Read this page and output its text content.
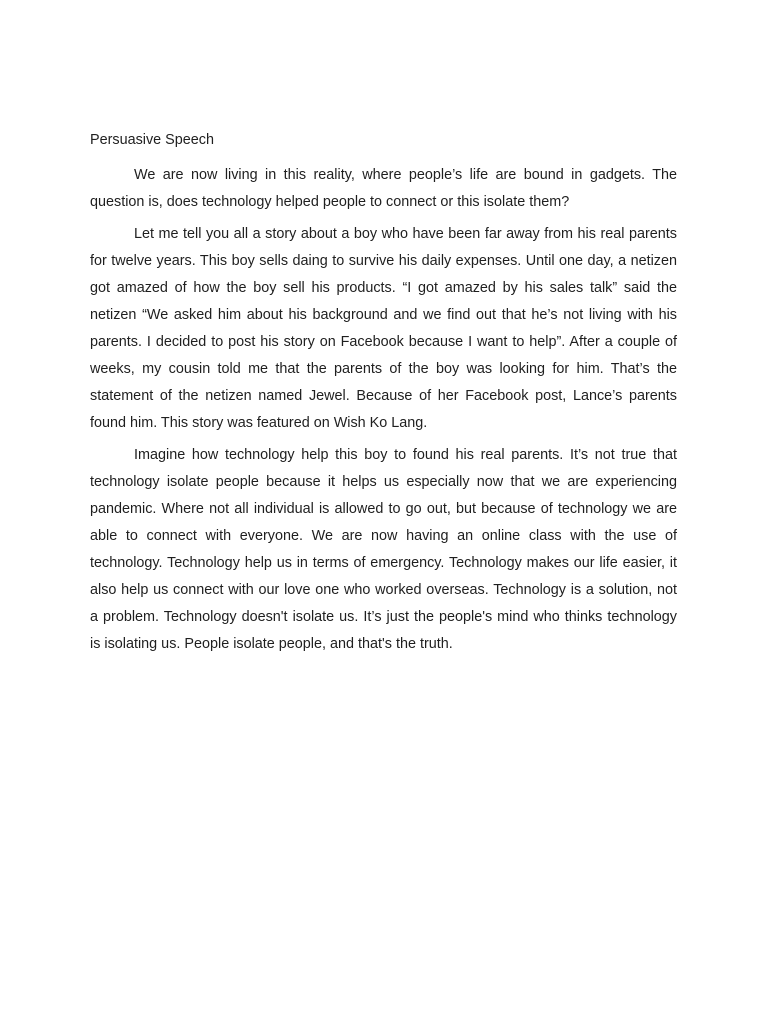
Persuasive Speech

We are now living in this reality, where people’s life are bound in gadgets. The question is, does technology helped people to connect or this isolate them?

Let me tell you all a story about a boy who have been far away from his real parents for twelve years. This boy sells daing to survive his daily expenses. Until one day, a netizen got amazed of how the boy sell his products. “I got amazed by his sales talk” said the netizen “We asked him about his background and we find out that he’s not living with his parents. I decided to post his story on Facebook because I want to help”. After a couple of weeks, my cousin told me that the parents of the boy was looking for him. That’s the statement of the netizen named Jewel. Because of her Facebook post, Lance’s parents found him. This story was featured on Wish Ko Lang.

Imagine how technology help this boy to found his real parents. It’s not true that technology isolate people because it helps us especially now that we are experiencing pandemic. Where not all individual is allowed to go out, but because of technology we are able to connect with everyone. We are now having an online class with the use of technology. Technology help us in terms of emergency. Technology makes our life easier, it also help us connect with our love one who worked overseas. Technology is a solution, not a problem. Technology doesn't isolate us. It’s just the people's mind who thinks technology is isolating us. People isolate people, and that's the truth.
